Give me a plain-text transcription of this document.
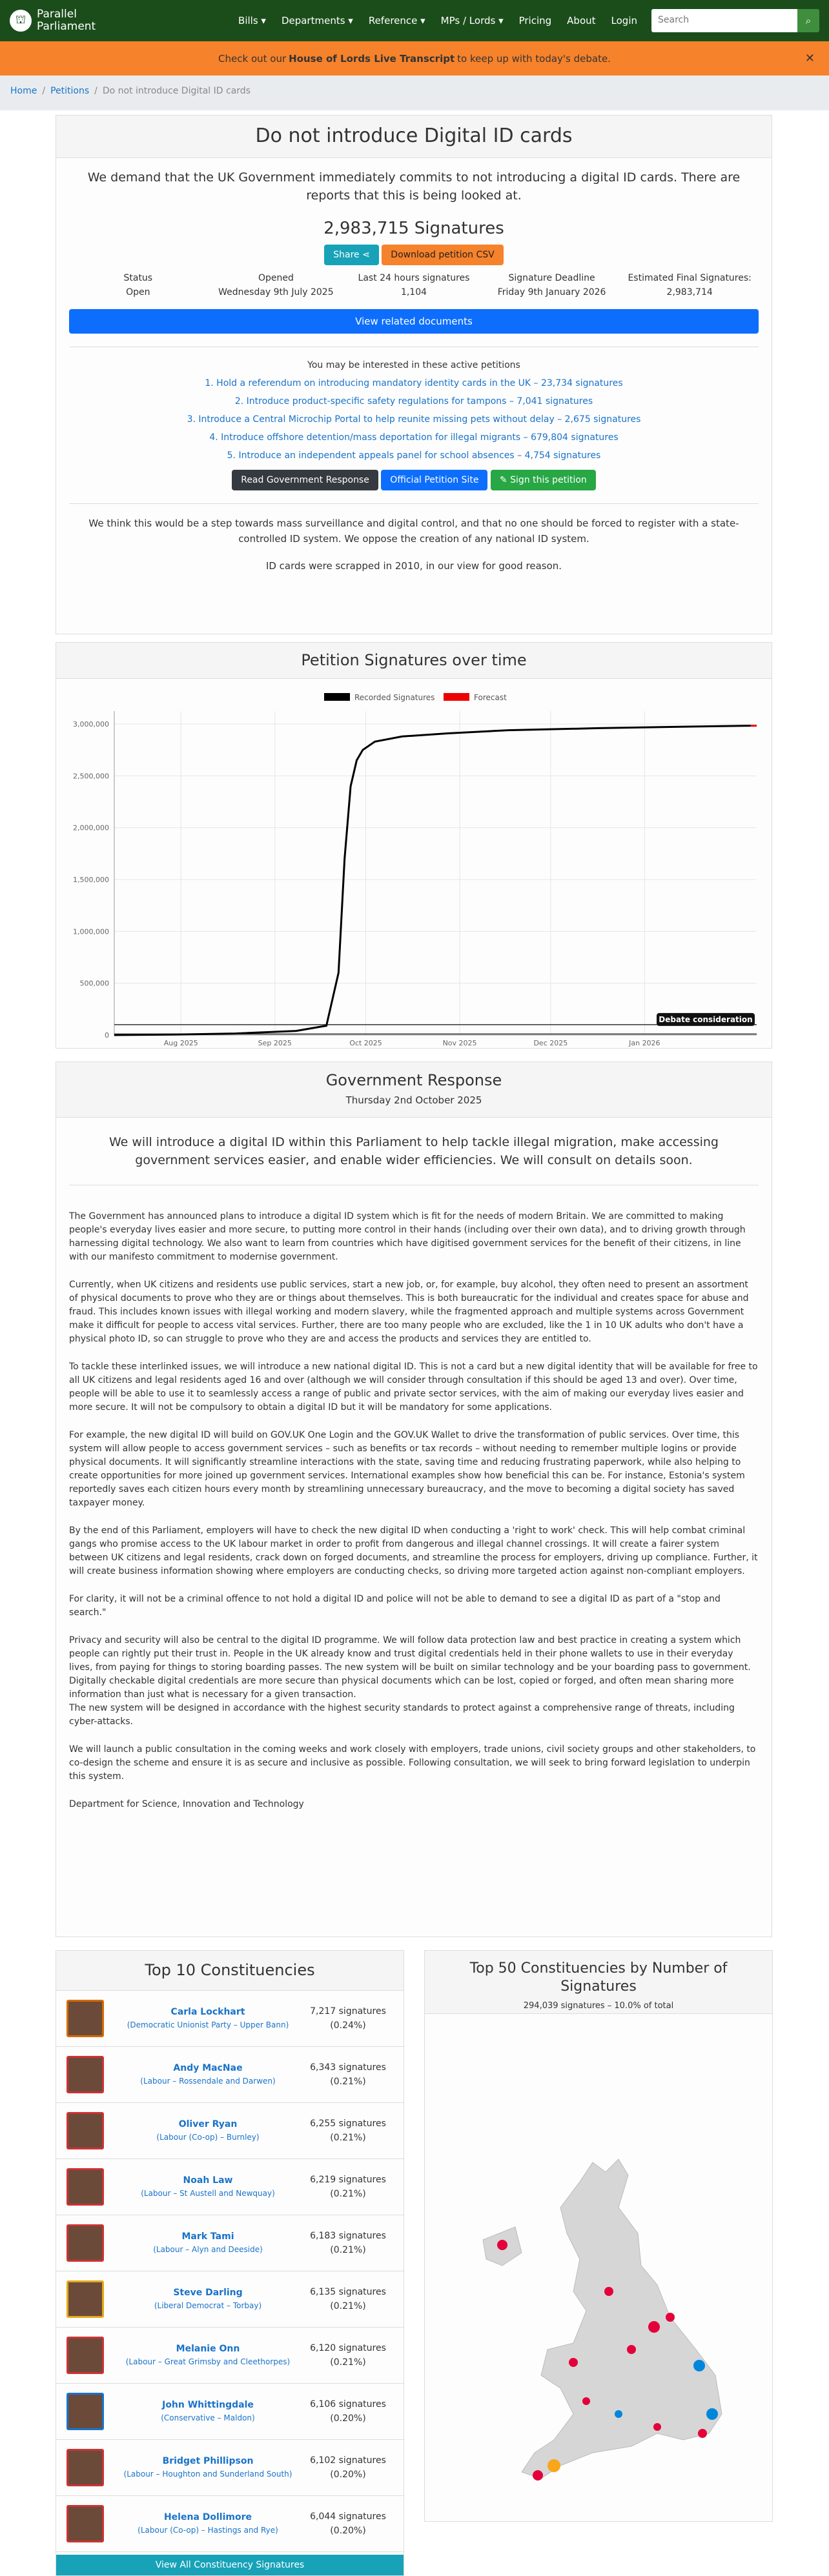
⛫ Parallel
Parliament	Bills ▾ Departments ▾ Reference ▾ MPs / Lords ▾ Pricing About Login	Search	⌕
Check out our House of Lords Live Transcript to keep up with today's debate.	✕
Home / Petitions / Do not introduce Digital ID cards
Do not introduce Digital ID cards
We demand that the UK Government immediately commits to not introducing a digital ID cards. There are reports that this is being looked at.
2,983,715 Signatures
Share ⋖ Download petition CSV
Status
Open
Opened
Wednesday 9th July 2025
Last 24 hours signatures
1,104
Signature Deadline
Friday 9th January 2026
Estimated Final Signatures:
2,983,714
View related documents
You may be interested in these active petitions
1. Hold a referendum on introducing mandatory identity cards in the UK – 23,734 signatures
2. Introduce product-specific safety regulations for tampons – 7,041 signatures
3. Introduce a Central Microchip Portal to help reunite missing pets without delay – 2,675 signatures
4. Introduce offshore detention/mass deportation for illegal migrants – 679,804 signatures
5. Introduce an independent appeals panel for school absences – 4,754 signatures
Read Government Response Official Petition Site ✎ Sign this petition
We think this would be a step towards mass surveillance and digital control, and that no one should be forced to register with a state-controlled ID system. We oppose the creation of any national ID system.
ID cards were scrapped in 2010, in our view for good reason.
Petition Signatures over time
Recorded Signatures	Forecast
3,000,000
2,500,000
2,000,000
1,500,000
1,000,000
500,000
0
Aug 2025	Sep 2025	Oct 2025	Nov 2025	Dec 2025	Jan 2026
Debate consideration
Government Response
Thursday 2nd October 2025
We will introduce a digital ID within this Parliament to help tackle illegal migration, make accessing government services easier, and enable wider efficiencies. We will consult on details soon.

The Government has announced plans to introduce a digital ID system which is fit for the needs of modern Britain. We are committed to making people's everyday lives easier and more secure, to putting more control in their hands (including over their own data), and to driving growth through harnessing digital technology. We also want to learn from countries which have digitised government services for the benefit of their citizens, in line with our manifesto commitment to modernise government.

Currently, when UK citizens and residents use public services, start a new job, or, for example, buy alcohol, they often need to present an assortment of physical documents to prove who they are or things about themselves. This is both bureaucratic for the individual and creates space for abuse and fraud. This includes known issues with illegal working and modern slavery, while the fragmented approach and multiple systems across Government make it difficult for people to access vital services. Further, there are too many people who are excluded, like the 1 in 10 UK adults who don't have a physical photo ID, so can struggle to prove who they are and access the products and services they are entitled to.

To tackle these interlinked issues, we will introduce a new national digital ID. This is not a card but a new digital identity that will be available for free to all UK citizens and legal residents aged 16 and over (although we will consider through consultation if this should be aged 13 and over). Over time, people will be able to use it to seamlessly access a range of public and private sector services, with the aim of making our everyday lives easier and more secure. It will not be compulsory to obtain a digital ID but it will be mandatory for some applications.

For example, the new digital ID will build on GOV.UK One Login and the GOV.UK Wallet to drive the transformation of public services. Over time, this system will allow people to access government services – such as benefits or tax records – without needing to remember multiple logins or provide physical documents. It will significantly streamline interactions with the state, saving time and reducing frustrating paperwork, while also helping to create opportunities for more joined up government services. International examples show how beneficial this can be. For instance, Estonia's system reportedly saves each citizen hours every month by streamlining unnecessary bureaucracy, and the move to becoming a digital society has saved taxpayer money.

By the end of this Parliament, employers will have to check the new digital ID when conducting a 'right to work' check. This will help combat criminal gangs who promise access to the UK labour market in order to profit from dangerous and illegal channel crossings. It will create a fairer system between UK citizens and legal residents, crack down on forged documents, and streamline the process for employers, driving up compliance. Further, it will create business information showing where employers are conducting checks, so driving more targeted action against non-compliant employers.

For clarity, it will not be a criminal offence to not hold a digital ID and police will not be able to demand to see a digital ID as part of a "stop and search."

Privacy and security will also be central to the digital ID programme. We will follow data protection law and best practice in creating a system which people can rightly put their trust in. People in the UK already know and trust digital credentials held in their phone wallets to use in their everyday lives, from paying for things to storing boarding passes. The new system will be built on similar technology and be your boarding pass to government. Digitally checkable digital credentials are more secure than physical documents which can be lost, copied or forged, and often mean sharing more information than just what is necessary for a given transaction.
The new system will be designed in accordance with the highest security standards to protect against a comprehensive range of threats, including cyber-attacks.

We will launch a public consultation in the coming weeks and work closely with employers, trade unions, civil society groups and other stakeholders, to co-design the scheme and ensure it is as secure and inclusive as possible. Following consultation, we will seek to bring forward legislation to underpin this system.

Department for Science, Innovation and Technology

Top 10 Constituencies
Carla Lockhart
(Democratic Unionist Party – Upper Bann)
7,217 signatures
(0.24%)
Andy MacNae
(Labour – Rossendale and Darwen)
6,343 signatures
(0.21%)
Oliver Ryan
(Labour (Co-op) – Burnley)
6,255 signatures
(0.21%)
Noah Law
(Labour – St Austell and Newquay)
6,219 signatures
(0.21%)
Mark Tami
(Labour – Alyn and Deeside)
6,183 signatures
(0.21%)
Steve Darling
(Liberal Democrat – Torbay)
6,135 signatures
(0.21%)
Melanie Onn
(Labour – Great Grimsby and Cleethorpes)
6,120 signatures
(0.21%)
John Whittingdale
(Conservative – Maldon)
6,106 signatures
(0.20%)
Bridget Phillipson
(Labour – Houghton and Sunderland South)
6,102 signatures
(0.20%)
Helena Dollimore
(Labour (Co-op) – Hastings and Rye)
6,044 signatures
(0.20%)
View All Constituency Signatures
Top 50 Constituencies by Number of Signatures
294,039 signatures – 10.0% of total
